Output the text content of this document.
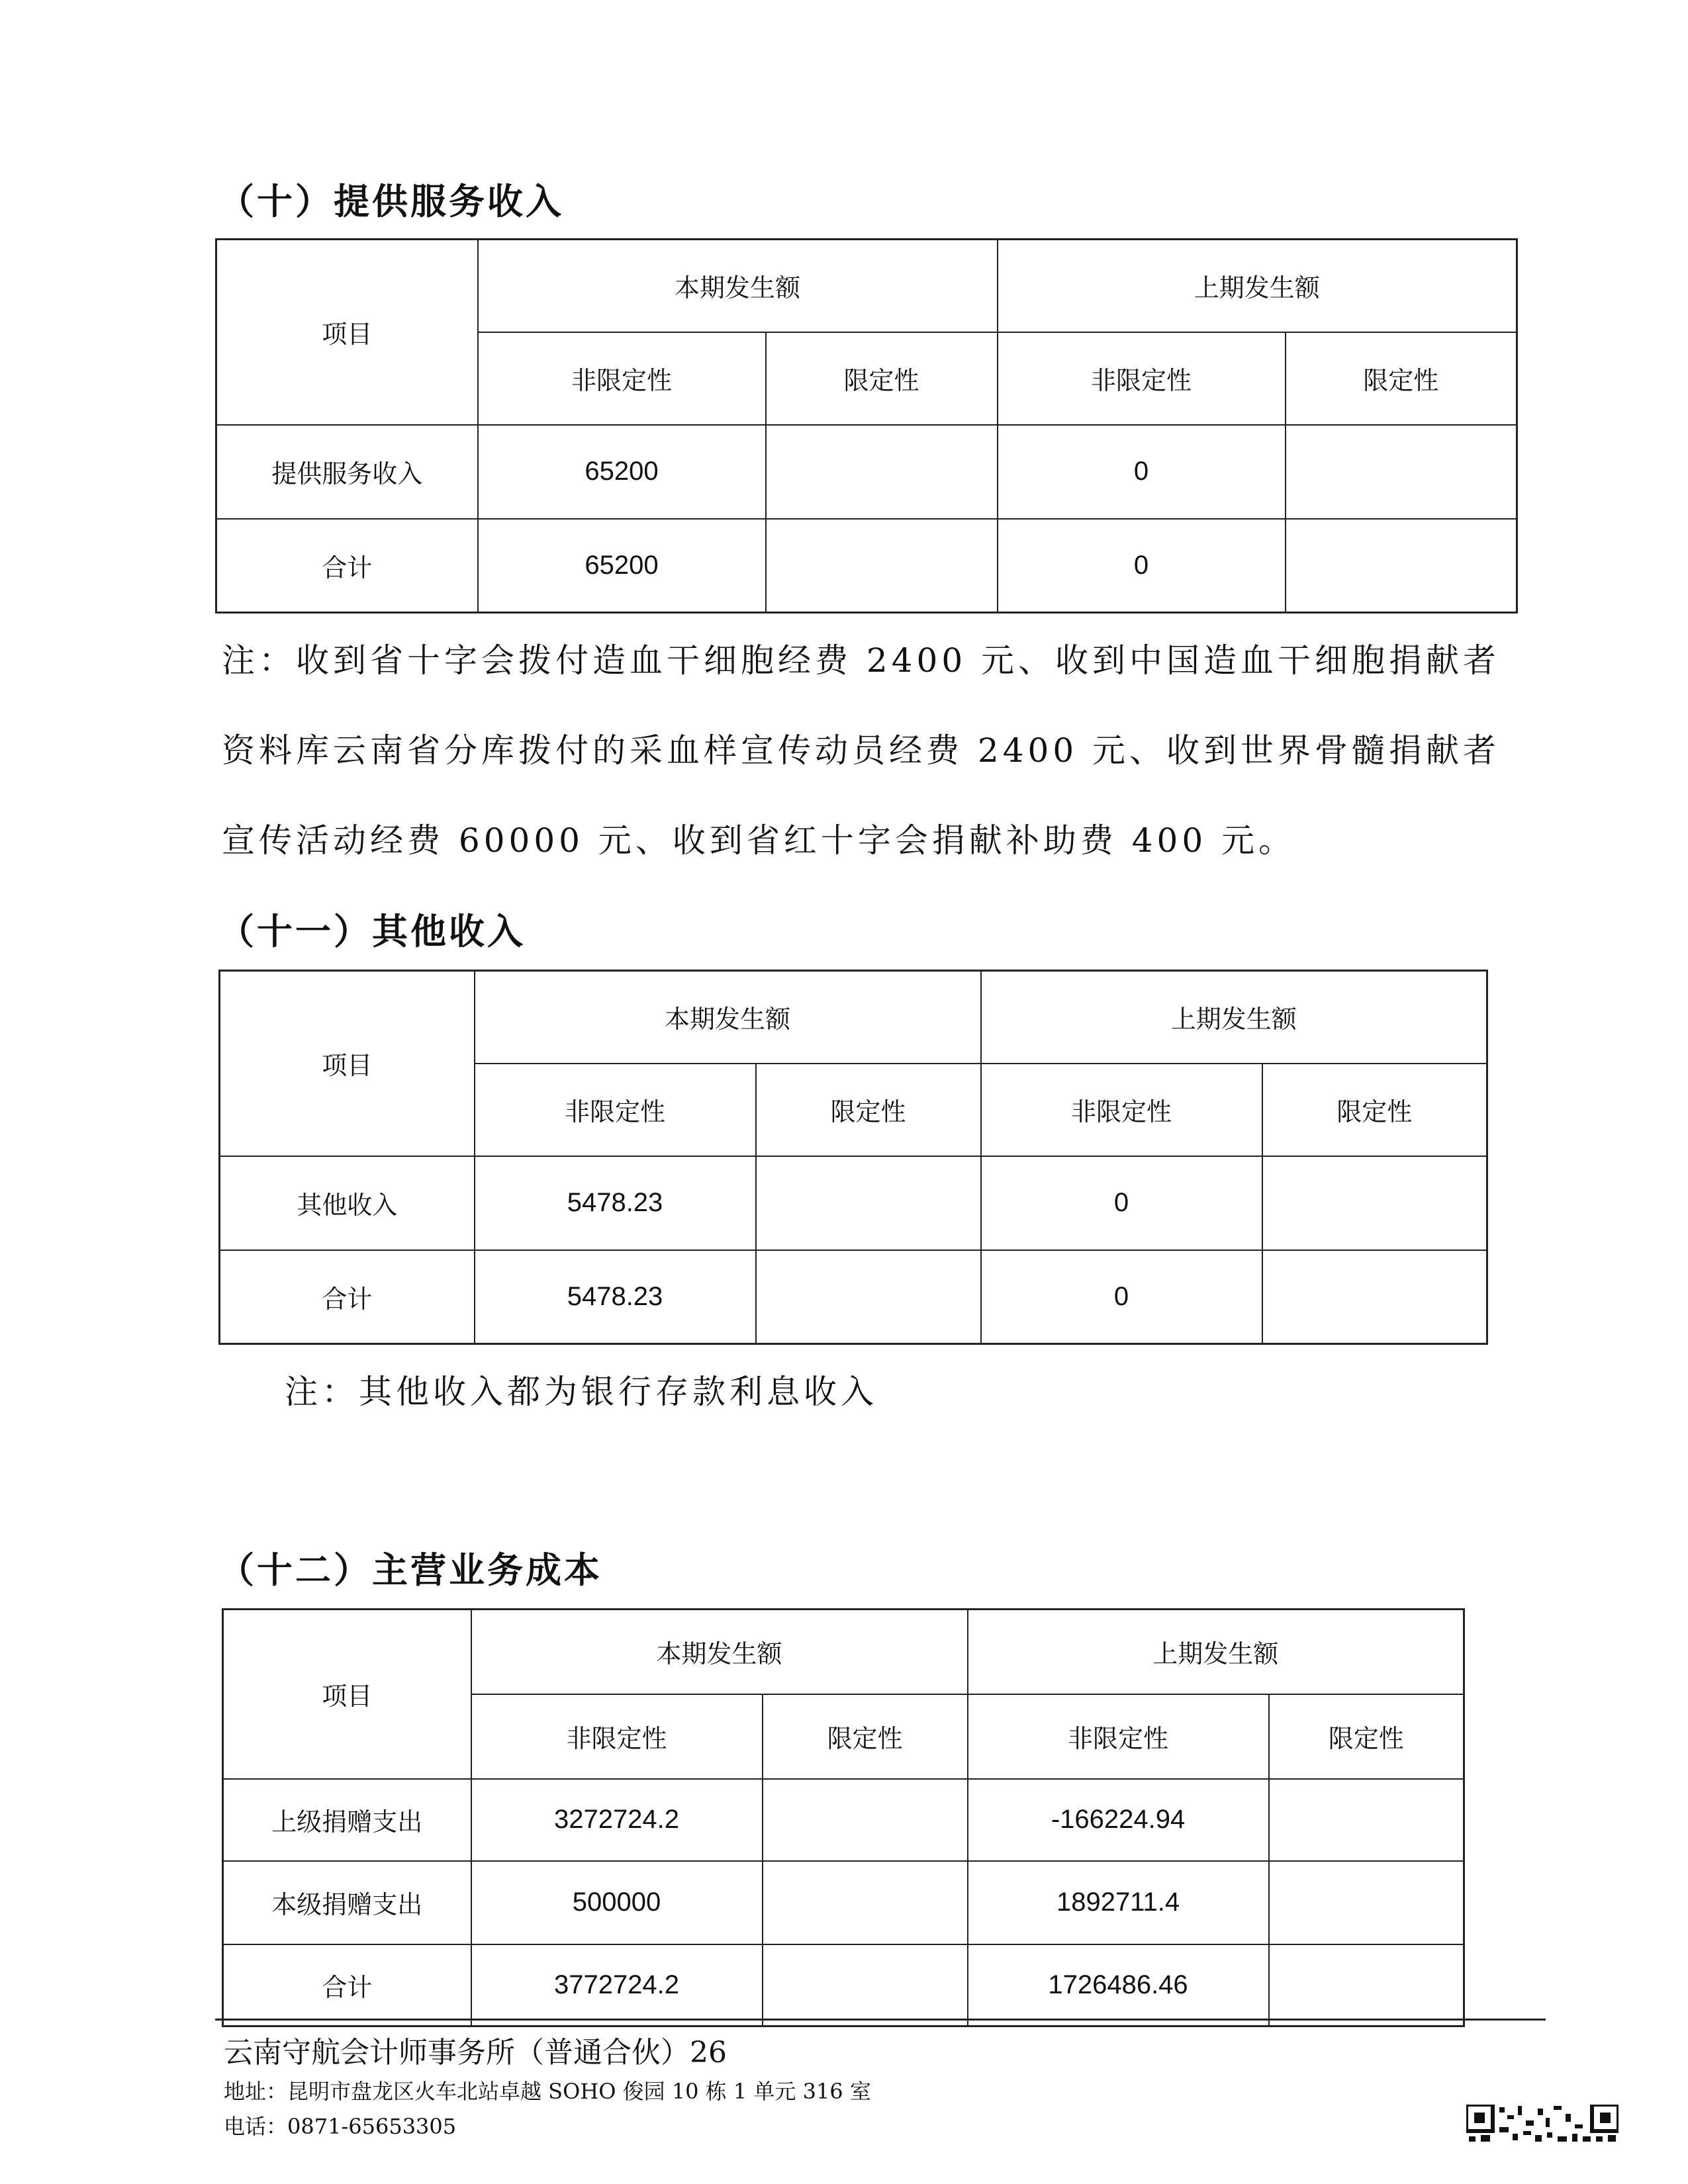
（十）提供服务收入
项目	本期发生额		上期发生额	
	非限定性	限定性	非限定性	限定性
提供服务收入	65200		0	
合计	65200		0	
注：收到省十字会拨付造血干细胞经费 2400 元、收到中国造血干细胞捐献者资料库云南省分库拨付的采血样宣传动员经费 2400 元、收到世界骨髓捐献者宣传活动经费 60000 元、收到省红十字会捐献补助费 400 元。
（十一）其他收入
项目	本期发生额		上期发生额	
	非限定性	限定性	非限定性	限定性
其他收入	5478.23		0	
合计	5478.23		0	
注：其他收入都为银行存款利息收入
（十二）主营业务成本
项目	本期发生额		上期发生额	
	非限定性	限定性	非限定性	限定性
上级捐赠支出	3272724.2		-166224.94	
本级捐赠支出	500000		1892711.4	
合计	3772724.2		1726486.46	
云南守航会计师事务所（普通合伙）26
地址：昆明市盘龙区火车北站卓越 SOHO 俊园 10 栋 1 单元 316 室
电话：0871-65653305
